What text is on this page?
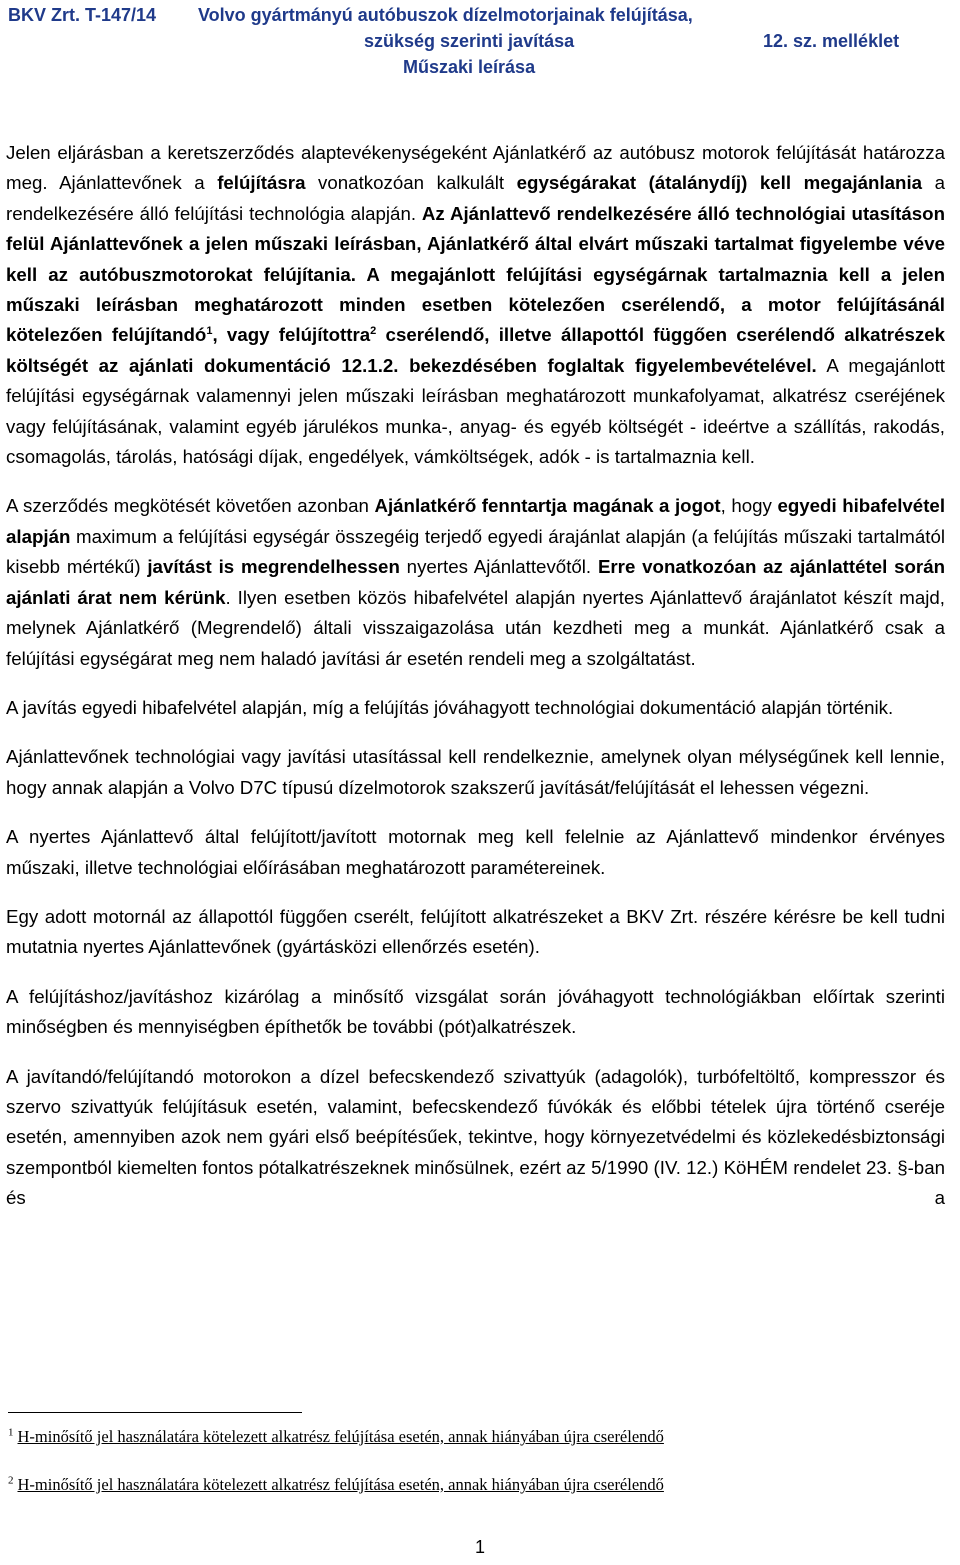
BKV Zrt. T-147/14 Volvo gyártmányú autóbuszok dízelmotorjainak felújítása,
szükség szerinti javítása	12. sz. melléklet
Műszaki leírása

Jelen eljárásban a keretszerződés alaptevékenységeként Ajánlatkérő az autóbusz motorok felújítását határozza meg. Ajánlattevőnek a felújításra vonatkozóan kalkulált egységárakat (átalánydíj) kell megajánlania a rendelkezésére álló felújítási technológia alapján. Az Ajánlattevő rendelkezésére álló technológiai utasításon felül Ajánlattevőnek a jelen műszaki leírásban, Ajánlatkérő által elvárt műszaki tartalmat figyelembe véve kell az autóbuszmotorokat felújítania. A megajánlott felújítási egységárnak tartalmaznia kell a jelen műszaki leírásban meghatározott minden esetben kötelezően cserélendő, a motor felújításánál kötelezően felújítandó$^1$, vagy felújítottra$^2$ cserélendő, illetve állapottól függően cserélendő alkatrészek költségét az ajánlati dokumentáció 12.1.2. bekezdésében foglaltak figyelembevételével. A megajánlott felújítási egységárnak valamennyi jelen műszaki leírásban meghatározott munkafolyamat, alkatrész cseréjének vagy felújításának, valamint egyéb járulékos munka-, anyag- és egyéb költségét - ideértve a szállítás, rakodás, csomagolás, tárolás, hatósági díjak, engedélyek, vámköltségek, adók - is tartalmaznia kell.

A szerződés megkötését követően azonban Ajánlatkérő fenntartja magának a jogot, hogy egyedi hibafelvétel alapján maximum a felújítási egységár összegéig terjedő egyedi árajánlat alapján (a felújítás műszaki tartalmától kisebb mértékű) javítást is megrendelhessen nyertes Ajánlattevőtől. Erre vonatkozóan az ajánlattétel során ajánlati árat nem kérünk. Ilyen esetben közös hibafelvétel alapján nyertes Ajánlattevő árajánlatot készít majd, melynek Ajánlatkérő (Megrendelő) általi visszaigazolása után kezdheti meg a munkát. Ajánlatkérő csak a felújítási egységárat meg nem haladó javítási ár esetén rendeli meg a szolgáltatást.

A javítás egyedi hibafelvétel alapján, míg a felújítás jóváhagyott technológiai dokumentáció alapján történik.

Ajánlattevőnek technológiai vagy javítási utasítással kell rendelkeznie, amelynek olyan mélységűnek kell lennie, hogy annak alapján a Volvo D7C típusú dízelmotorok szakszerű javítását/felújítását el lehessen végezni.

A nyertes Ajánlattevő által felújított/javított motornak meg kell felelnie az Ajánlattevő mindenkor érvényes műszaki, illetve technológiai előírásában meghatározott paramétereinek.

Egy adott motornál az állapottól függően cserélt, felújított alkatrészeket a BKV Zrt. részére kérésre be kell tudni mutatnia nyertes Ajánlattevőnek (gyártásközi ellenőrzés esetén).

A felújításhoz/javításhoz kizárólag a minősítő vizsgálat során jóváhagyott technológiákban előírtak szerinti minőségben és mennyiségben építhetők be további (pót)alkatrészek.

A javítandó/felújítandó motorokon a dízel befecskendező szivattyúk (adagolók), turbófeltöltő, kompresszor és szervo szivattyúk felújításuk esetén, valamint, befecskendező fúvókák és előbbi tételek újra történő cseréje esetén, amennyiben azok nem gyári első beépítésűek, tekintve, hogy környezetvédelmi és közlekedésbiztonsági szempontból kiemelten fontos pótalkatrészeknek minősülnek, ezért az 5/1990 (IV. 12.) KöHÉM rendelet 23. §-ban és a

$^1$ H-minősítő jel használatára kötelezett alkatrész felújítása esetén, annak hiányában újra cserélendő
$^2$ H-minősítő jel használatára kötelezett alkatrész felújítása esetén, annak hiányában újra cserélendő
1
